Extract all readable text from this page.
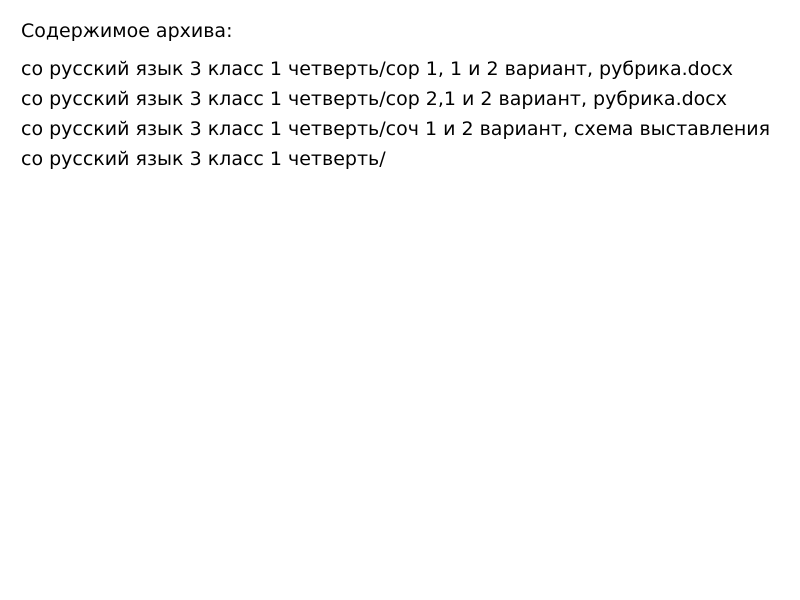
Содержимое архива:

со русский язык 3 класс 1 четверть/сор 1, 1 и 2 вариант, рубрика.docx
со русский язык 3 класс 1 четверть/сор 2,1 и 2 вариант, рубрика.docx
со русский язык 3 класс 1 четверть/соч 1 и 2 вариант, схема выставления
со русский язык 3 класс 1 четверть/
